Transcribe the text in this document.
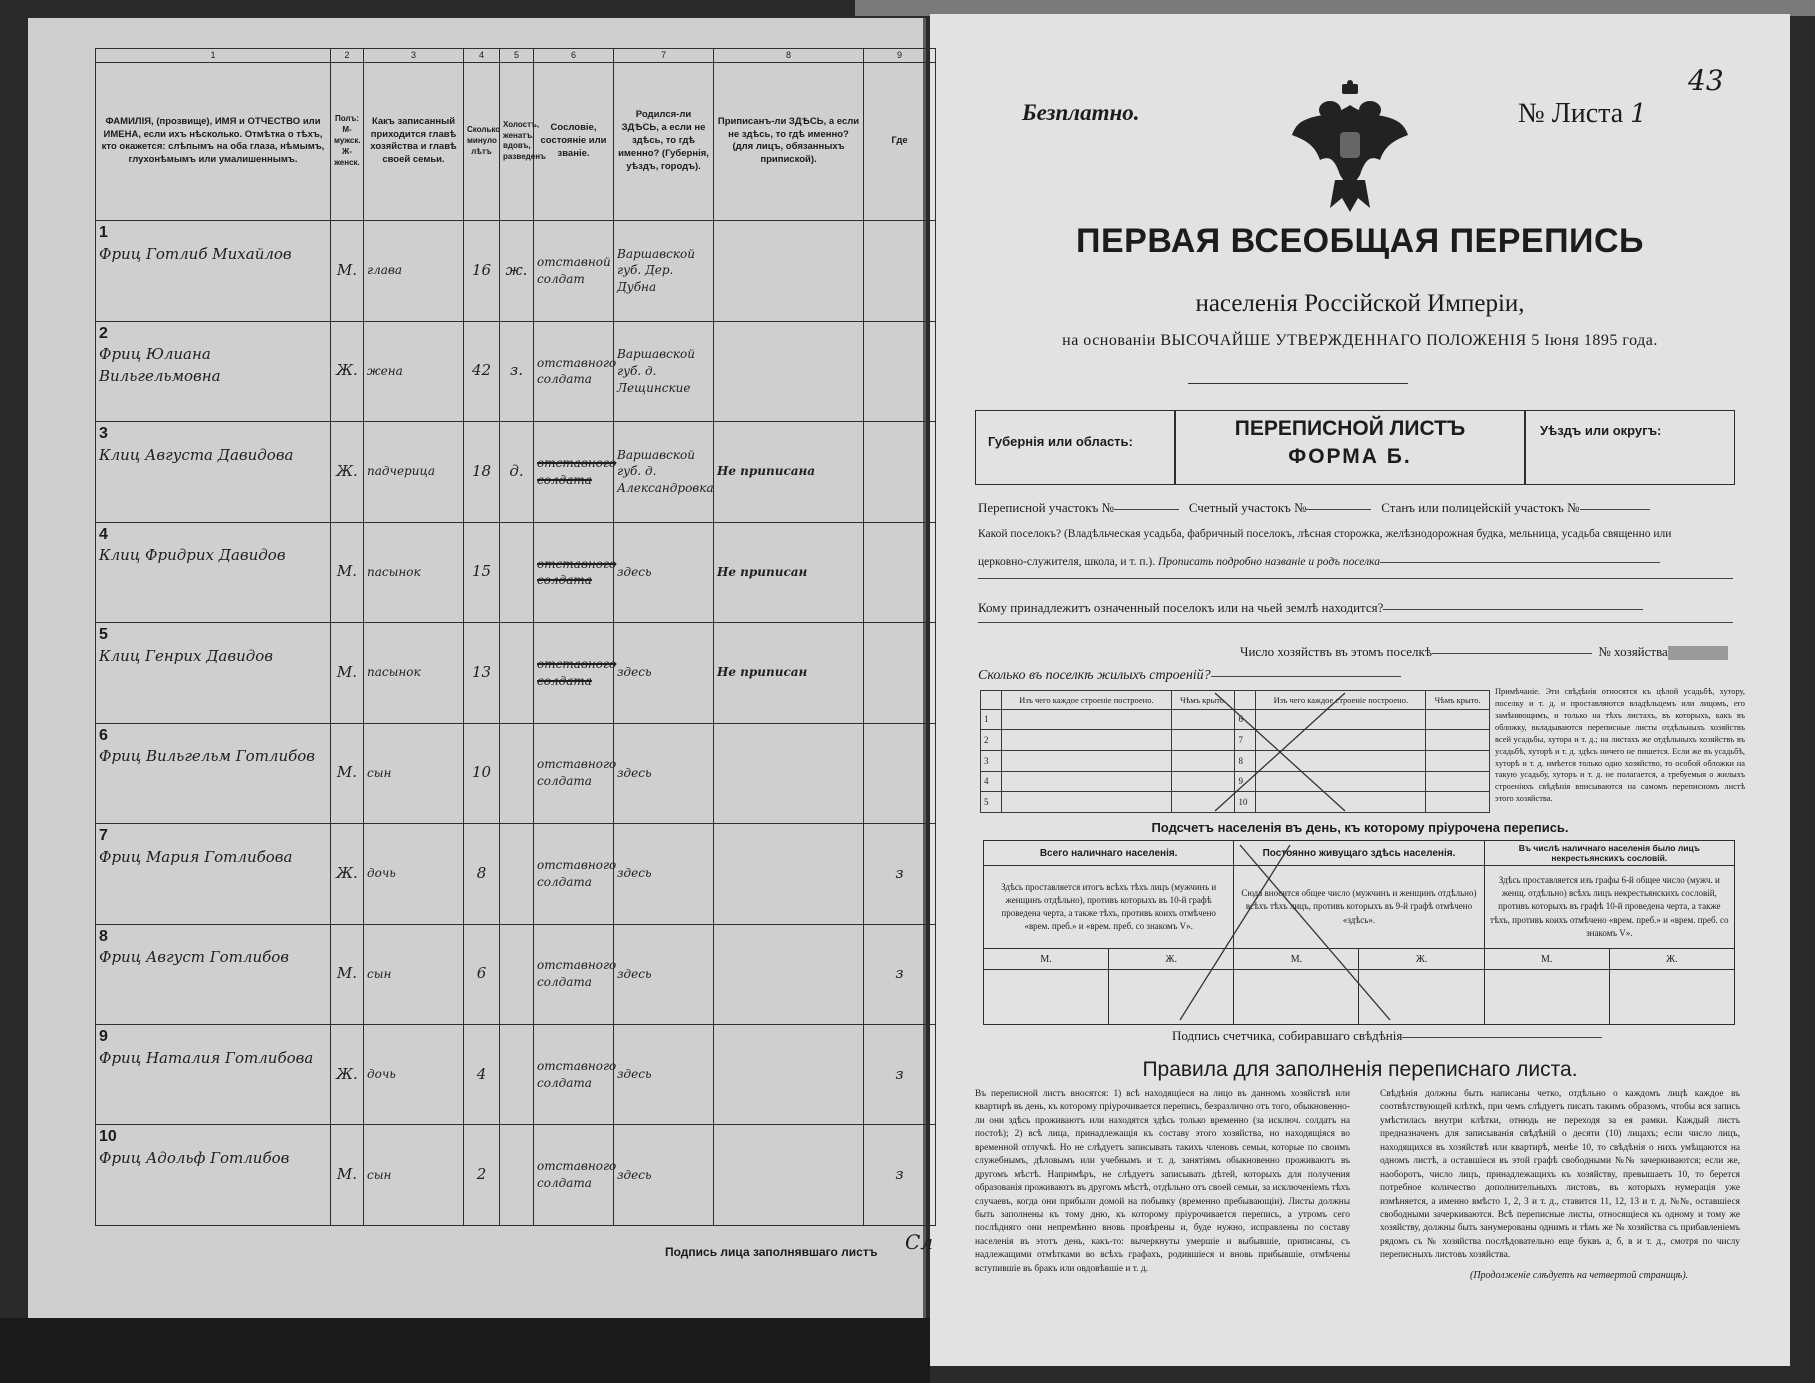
1	2	3	4	5	6	7	8	9
ФАМИЛІЯ, (прозвище), ИМЯ и ОТЧЕСТВО или ИМЕНА, если ихъ нѣсколько. Отмѣтка о тѣхъ, кто окажется: слѣпымъ на оба глаза, нѣмымъ, глухонѣмымъ или умалишеннымъ.	Полъ: М-мужск. Ж-женск.	Какъ записанный приходится главѣ хозяйства и главѣ своей семьи.	Сколько минуло лѣтъ	Холостъ, женатъ, вдовъ, разведенъ	Сословіе, состояніе или званіе.	Родился-ли ЗДѢСЬ, а если не здѣсь, то гдѣ именно? (Губернія, уѣздъ, городъ).	Приписанъ-ли ЗДѢСЬ, а если не здѣсь, то гдѣ именно? (для лицъ, обязанныхъ припиской).	Где

1
Фриц Готлиб Михайлов	М.	глава	16	ж.	отставной солдат	Варшавской губ. Дер. Дубна		

2
Фриц Юлиана Вильгельмовна	Ж.	жена	42	з.	отставного солдата	Варшавской губ. д. Лещинские		

3
Клиц Августа Давидова	Ж.	падчерица	18	д.	отставного солдата	Варшавской губ. д. Александровка	Не приписана	

4
Клиц Фридрих Давидов	М.	пасынок	15		отставного солдата	здесь	Не приписан	

5
Клиц Генрих Давидов	М.	пасынок	13		отставного солдата	здесь	Не приписан	

6
Фриц Вильгельм Готлибов	М.	сын	10		отставного солдата	здесь		

7
Фриц Мария Готлибова	Ж.	дочь	8		отставного солдата	здесь		з

8
Фриц Август Готлибов	М.	сын	6		отставного солдата	здесь		з

9
Фриц Наталия Готлибова	Ж.	дочь	4		отставного солдата	здесь		з

10
Фриц Адольф Готлибов	М.	сын	2		отставного солдата	здесь		з
Подпись лица заполнявшаго листъ Сл
Безплатно.	№ Листа 1
43
ПЕРВАЯ ВСЕОБЩАЯ ПЕРЕПИСЬ
населенія Россійской Имперіи,
на основаніи ВЫСОЧАЙШЕ УТВЕРЖДЕННАГО ПОЛОЖЕНІЯ 5 Іюня 1895 года.
Губернія или область:
ПЕРЕПИСНОЙ ЛИСТЪ
ФОРМА Б.
Уѣздъ или округъ:
Переписной участокъ №	Счетный участокъ №	Станъ или полицейскій участокъ №
Какой поселокъ? (Владѣльческая усадьба, фабричный поселокъ, лѣсная сторожка, желѣзнодорожная будка, мельница, усадьба священно или
церковно-служителя, школа, и т. п.). Прописать подробно названіе и родъ поселка
Кому принадлежитъ означенный поселокъ или на чьей землѣ находится?
Число хозяйствъ въ этомъ поселкѣ	№ хозяйства
Сколько въ поселкѣ жилыхъ строеній?
	Изъ чего каждое строеніе построено.	Чѣмъ крыто.		Изъ чего каждое строеніе построено.	Чѣмъ крыто.
1			6		
2			7		
3			8		
4			9		
5			10		
Примѣчаніе. Эти свѣдѣнія относятся къ цѣлой усадьбѣ, хутору, поселку и т. д. и проставляются владѣльцемъ или лицомъ, его замѣняющимъ, и только на тѣхъ листахъ, въ которыхъ, какъ въ обложку, вкладываются переписные листы отдѣльныхъ хозяйствъ всей усадьбы, хутора и т. д.; на листахъ же отдѣльныхъ хозяйствъ въ усадьбѣ, хуторѣ и т. д. здѣсь ничего не пишется. Если же въ усадьбѣ, хуторѣ и т. д. имѣется только одно хозяйство, то особой обложки на такую усадьбу, хуторъ и т. д. не полагается, а требуемыя о жилыхъ строеніяхъ свѣдѣнія вписываются на самомъ переписномъ листѣ этого хозяйства.
Подсчетъ населенія въ день, къ которому пріурочена перепись.
Всего наличнаго населенія.		Постоянно живущаго здѣсь населенія.		Въ числѣ наличнаго населенія было лицъ некрестьянскихъ сословій.	
Здѣсь проставляется итогъ всѣхъ тѣхъ лицъ (мужчинъ и женщинъ отдѣльно), противъ которыхъ въ 10-й графѣ проведена черта, а также тѣхъ, противъ коихъ отмѣчено «врем. преб.» и «врем. преб. со знакомъ V».		Сюда вносится общее число (мужчинъ и женщинъ отдѣльно) всѣхъ тѣхъ лицъ, противъ которыхъ въ 9-й графѣ отмѣчено «здѣсь».		Здѣсь проставляется изъ графы 6-й общее число (мужч. и женщ. отдѣльно) всѣхъ лицъ некрестьянскихъ сословій, противъ которыхъ въ графѣ 10-й проведена черта, а также тѣхъ, противъ коихъ отмѣчено «врем. преб.» и «врем. преб. со знакомъ V».	
М.	Ж.	М.	Ж.	М.	Ж.

Подпись счетчика, собиравшаго свѣдѣнія
Правила для заполненія переписнаго листа.
Въ переписной листъ вносятся: 1) всѣ находящіеся на лицо въ данномъ хозяйствѣ или квартирѣ въ день, къ которому пріурочивается перепись, безразлично отъ того, обыкновенно-ли они здѣсь проживаютъ или находятся здѣсь только временно (за исключ. солдатъ на постоѣ); 2) всѣ лица, принадлежащія къ составу этого хозяйства, но находящіяся во временной отлучкѣ. Но не слѣдуетъ записывать такихъ членовъ семьи, которые по своимъ служебнымъ, дѣловымъ или учебнымъ и т. д. занятіямъ обыкновенно проживаютъ въ другомъ мѣстѣ. Напримѣръ, не слѣдуетъ записывать дѣтей, которыхъ для получения образованія проживаютъ въ другомъ мѣстѣ, отдѣльно отъ своей семьи, за исключеніемъ тѣхъ случаевъ, когда они прибыли домой на побывку (временно пребывающіи). Листы должны быть заполнены къ тому дню, къ которому пріурочивается перепись, а утромъ сего послѣдняго они непремѣнно вновь провѣрены и, буде нужно, исправлены по составу населенія въ этотъ день, какъ-то: вычеркнуты умершіе и выбывшіе, приписаны, съ надлежащими отмѣтками во всѣхъ графахъ, родившіеся и вновь прибывшіе, отмѣчены вступившіе въ бракъ или овдовѣвшіе и т. д.
Свѣдѣнія должны быть написаны четко, отдѣльно о каждомъ лицѣ каждое въ соотвѣтствующей клѣткѣ, при чемъ слѣдуетъ писать такимъ образомъ, чтобы вся запись умѣстилась внутри клѣтки, отнюдь не переходя за ея рамки. Каждый листъ предназначенъ для записыванія свѣдѣній о десяти (10) лицахъ; если число лицъ, находящихся въ хозяйствѣ или квартирѣ, менѣе 10, то свѣдѣнія о нихъ умѣщаются на одномъ листѣ, а оставшіеся въ этой графѣ свободными №№ зачеркиваются; если же, наоборотъ, число лицъ, принадлежащихъ къ хозяйству, превышаетъ 10, то берется потребное количество дополнительныхъ листовъ, въ которыхъ нумерація уже измѣняется, а именно вмѣсто 1, 2, 3 и т. д., ставится 11, 12, 13 и т. д. №№, оставшіеся свободными зачеркиваются. Всѣ переписные листы, относящіеся къ одному и тому же хозяйству, должны быть занумерованы однимъ и тѣмъ же № хозяйства съ прибавленіемъ рядомъ съ № хозяйства послѣдовательно еще буквъ а, б, в и т. д., смотря по числу переписныхъ листовъ хозяйства.
(Продолженіе слѣдуетъ на четвертой страницѣ).
